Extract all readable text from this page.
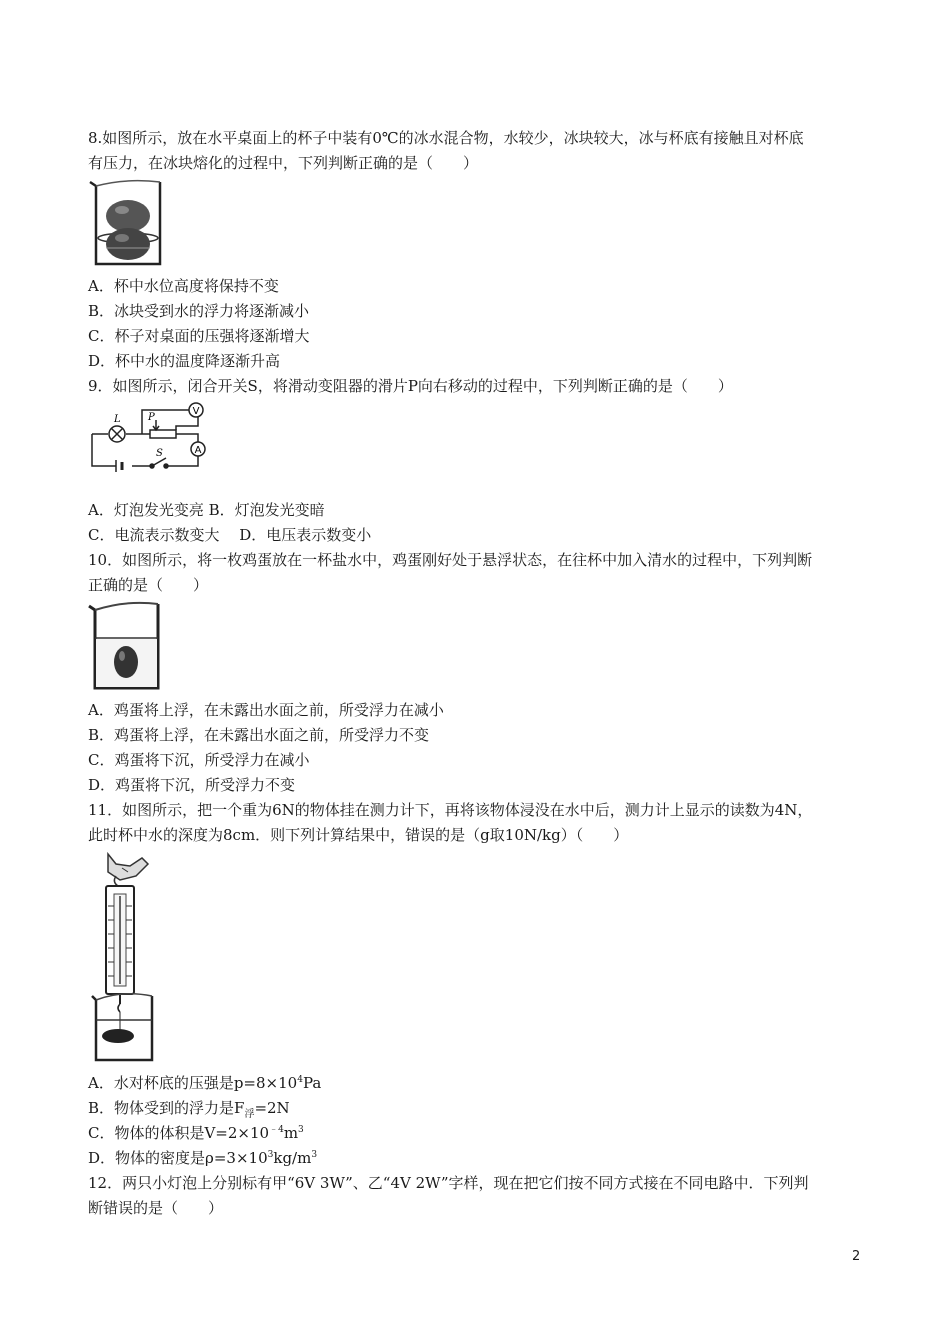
8.如图所示，放在水平桌面上的杯子中装有0℃的冰水混合物，水较少，冰块较大，冰与杯底有接触且对杯底
有压力，在冰块熔化的过程中，下列判断正确的是（　　）
A．杯中水位高度将保持不变
B．冰块受到水的浮力将逐渐减小
C．杯子对桌面的压强将逐渐增大
D．杯中水的温度降逐渐升高
9．如图所示，闭合开关S，将滑动变阻器的滑片P向右移动的过程中，下列判断正确的是（　　）
V
A
L	P
S
A．灯泡发光变亮 B．灯泡发光变暗
C．电流表示数变大　 D．电压表示数变小
10．如图所示，将一枚鸡蛋放在一杯盐水中，鸡蛋刚好处于悬浮状态，在往杯中加入清水的过程中，下列判断
正确的是（　　）
A．鸡蛋将上浮，在未露出水面之前，所受浮力在减小
B．鸡蛋将上浮，在未露出水面之前，所受浮力不变
C．鸡蛋将下沉，所受浮力在减小
D．鸡蛋将下沉，所受浮力不变
11．如图所示，把一个重为6N的物体挂在测力计下，再将该物体浸没在水中后，测力计上显示的读数为4N，
此时杯中水的深度为8cm．则下列计算结果中，错误的是（g取10N/kg）（　　）
A．水对杯底的压强是$p=8\times 10^4Pa$
B．物体受到的浮力是$F_浮=2N$
C．物体的体积是$V=2\times 10^{﹣4}m^3$
D．物体的密度是$\rho=3\times 10^3kg/m^3$
12．两只小灯泡上分别标有甲“6V 3W”、乙“4V 2W”字样，现在把它们按不同方式接在不同电路中．下列判
断错误的是（　　）
2
